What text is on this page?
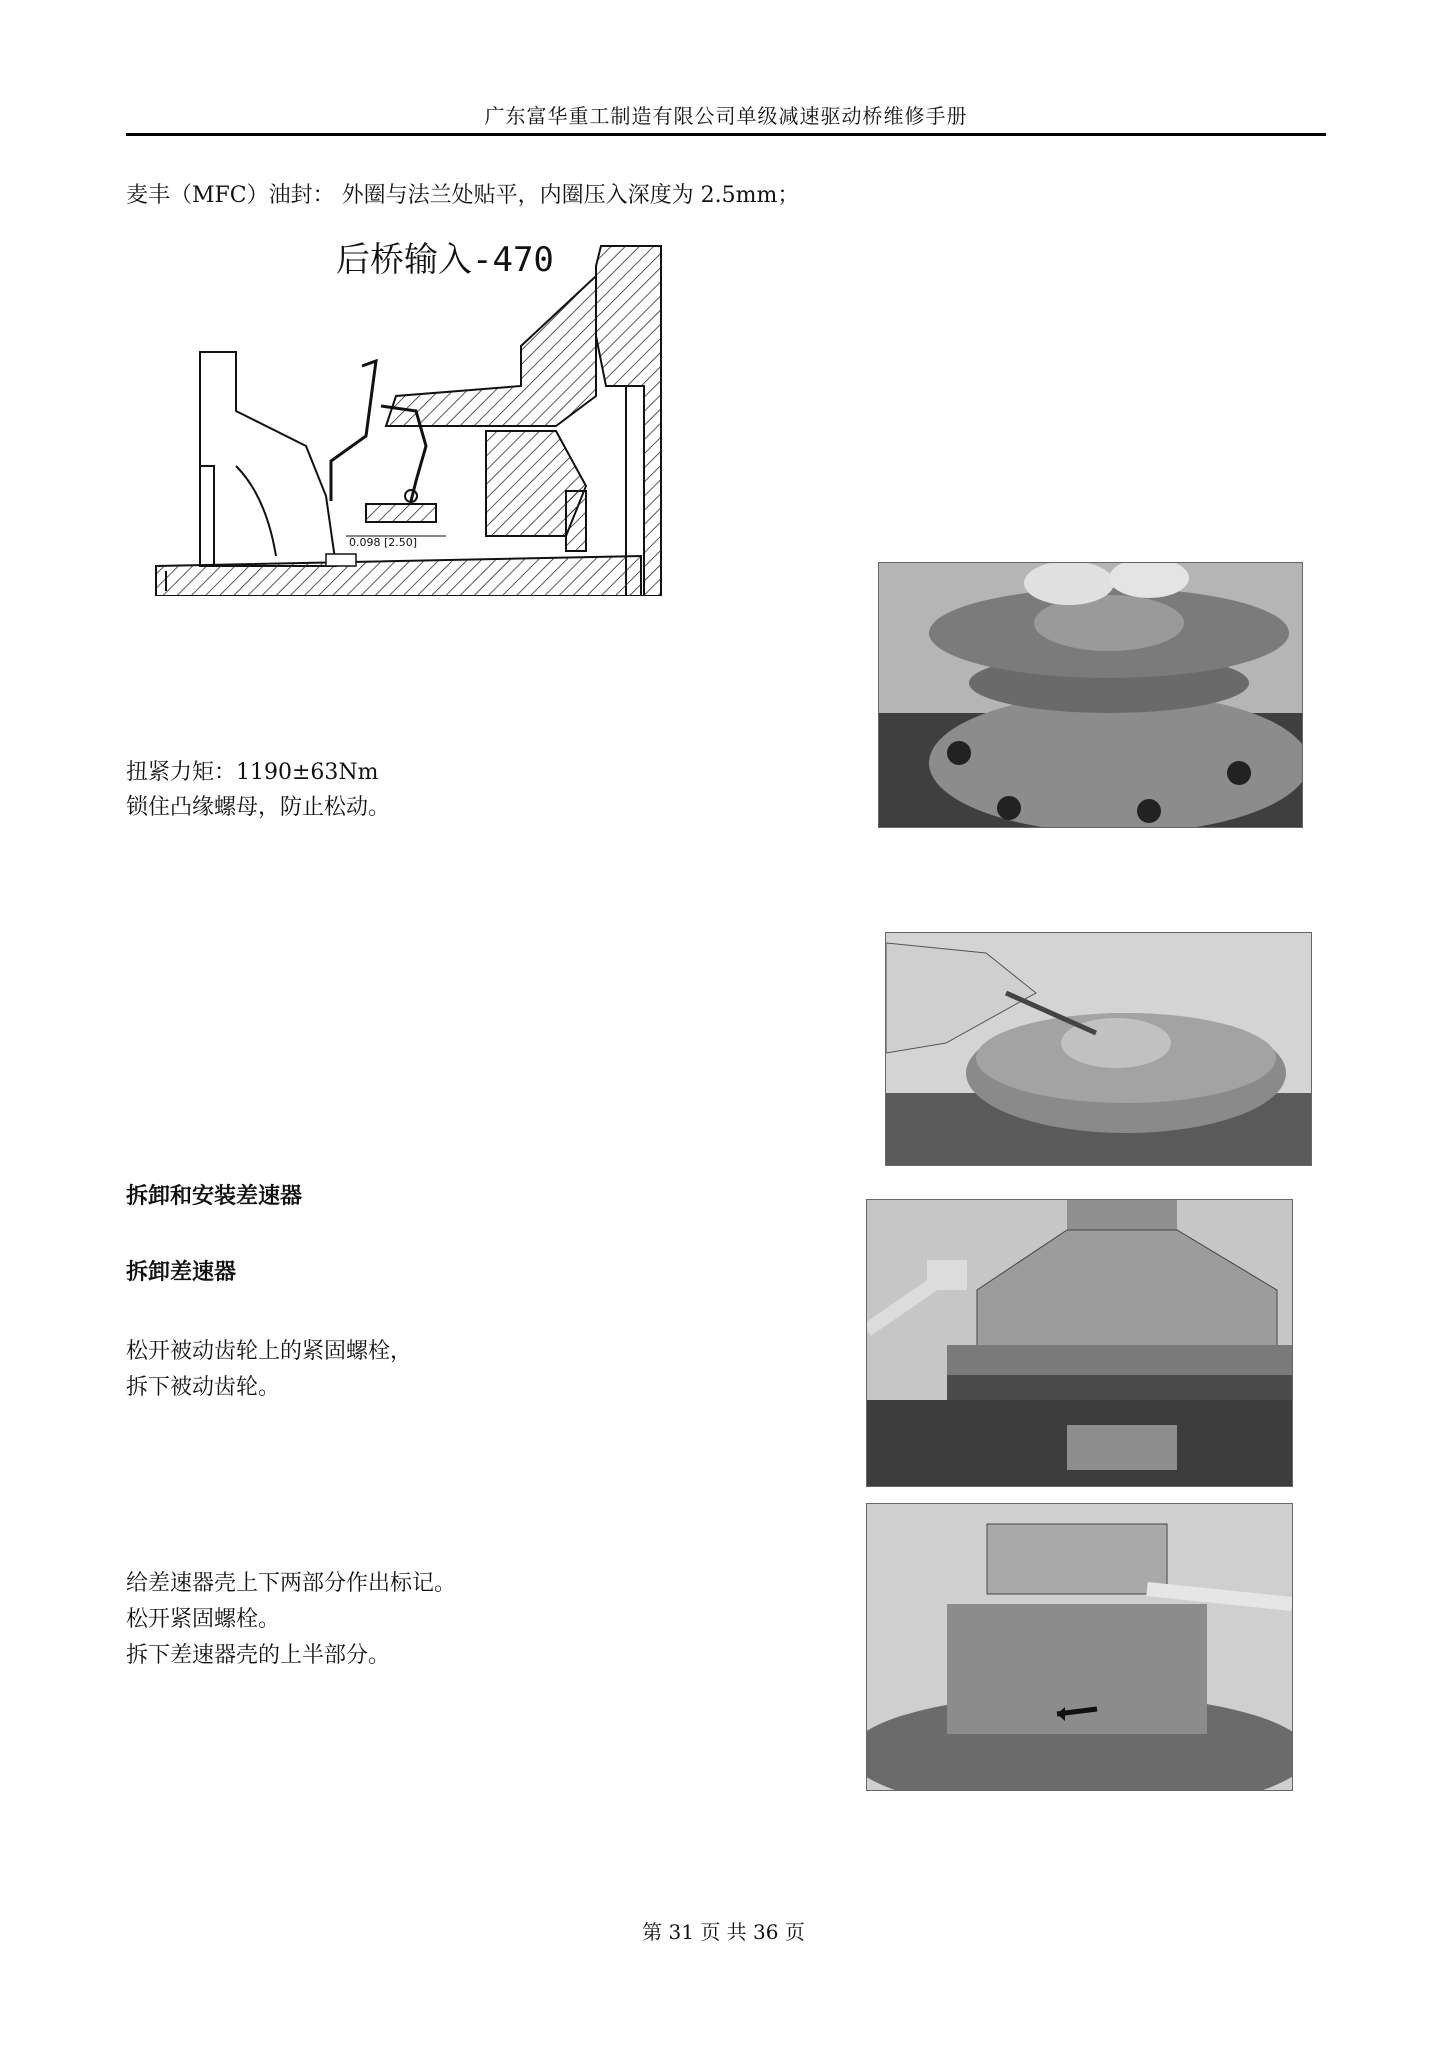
广东富华重工制造有限公司单级减速驱动桥维修手册
麦丰（MFC）油封： 外圈与法兰处贴平，内圈压入深度为 2.5mm；
后桥输入-470
0.098 [2.50]
扭紧力矩：1190±63Nm
锁住凸缘螺母，防止松动。
拆卸和安装差速器
拆卸差速器
松开被动齿轮上的紧固螺栓，
拆下被动齿轮。
给差速器壳上下两部分作出标记。
松开紧固螺栓。
拆下差速器壳的上半部分。
第 31 页 共 36 页
